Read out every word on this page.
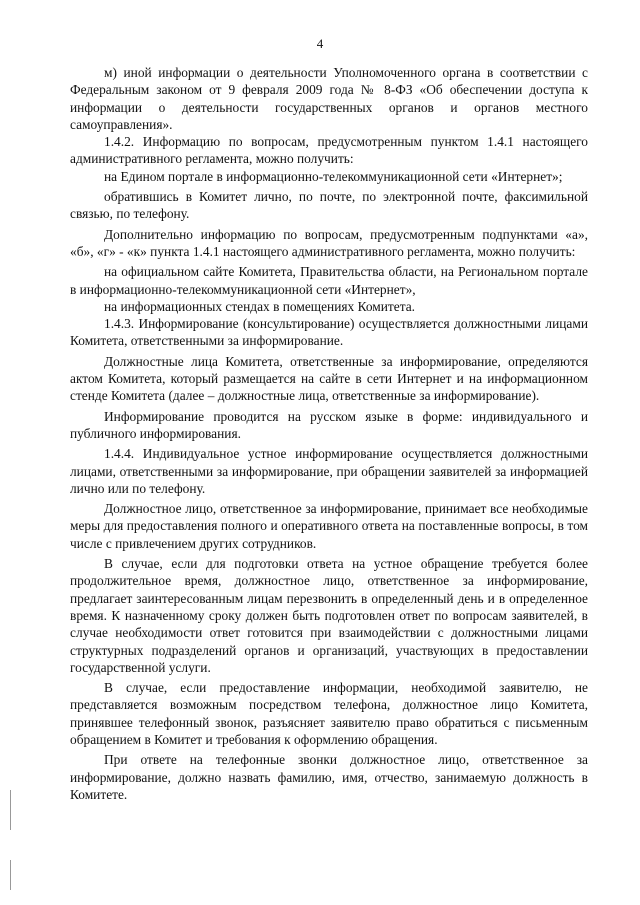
4

м) иной информации о деятельности Уполномоченного органа в соответствии с Федеральным законом от 9 февраля 2009 года № 8-ФЗ «Об обеспечении доступа к информации о деятельности государственных органов и органов местного самоуправления».

1.4.2. Информацию по вопросам, предусмотренным пунктом 1.4.1 настоящего административного регламента, можно получить:

на Едином портале в информационно-телекоммуникационной сети «Интернет»;

обратившись в Комитет лично, по почте, по электронной почте, факсимильной связью, по телефону.

Дополнительно информацию по вопросам, предусмотренным подпунктами «а», «б», «г» - «к» пункта 1.4.1 настоящего административного регламента, можно получить:

на официальном сайте Комитета, Правительства области, на Региональном портале в информационно-телекоммуникационной сети «Интернет»,

на информационных стендах в помещениях Комитета.

1.4.3. Информирование (консультирование) осуществляется должностными лицами Комитета, ответственными за информирование.

Должностные лица Комитета, ответственные за информирование, определяются актом Комитета, который размещается на сайте в сети Интернет и на информационном стенде Комитета (далее – должностные лица, ответственные за информирование).

Информирование проводится на русском языке в форме: индивидуального и публичного информирования.

1.4.4. Индивидуальное устное информирование осуществляется должностными лицами, ответственными за информирование, при обращении заявителей за информацией лично или по телефону.

Должностное лицо, ответственное за информирование, принимает все необходимые меры для предоставления полного и оперативного ответа на поставленные вопросы, в том числе с привлечением других сотрудников.

В случае, если для подготовки ответа на устное обращение требуется более продолжительное время, должностное лицо, ответственное за информирование, предлагает заинтересованным лицам перезвонить в определенный день и в определенное время. К назначенному сроку должен быть подготовлен ответ по вопросам заявителей, в случае необходимости ответ готовится при взаимодействии с должностными лицами структурных подразделений органов и организаций, участвующих в предоставлении государственной услуги.

В случае, если предоставление информации, необходимой заявителю, не представляется возможным посредством телефона, должностное лицо Комитета, принявшее телефонный звонок, разъясняет заявителю право обратиться с письменным обращением в Комитет и требования к оформлению обращения.

При ответе на телефонные звонки должностное лицо, ответственное за информирование, должно назвать фамилию, имя, отчество, занимаемую должность в Комитете.
